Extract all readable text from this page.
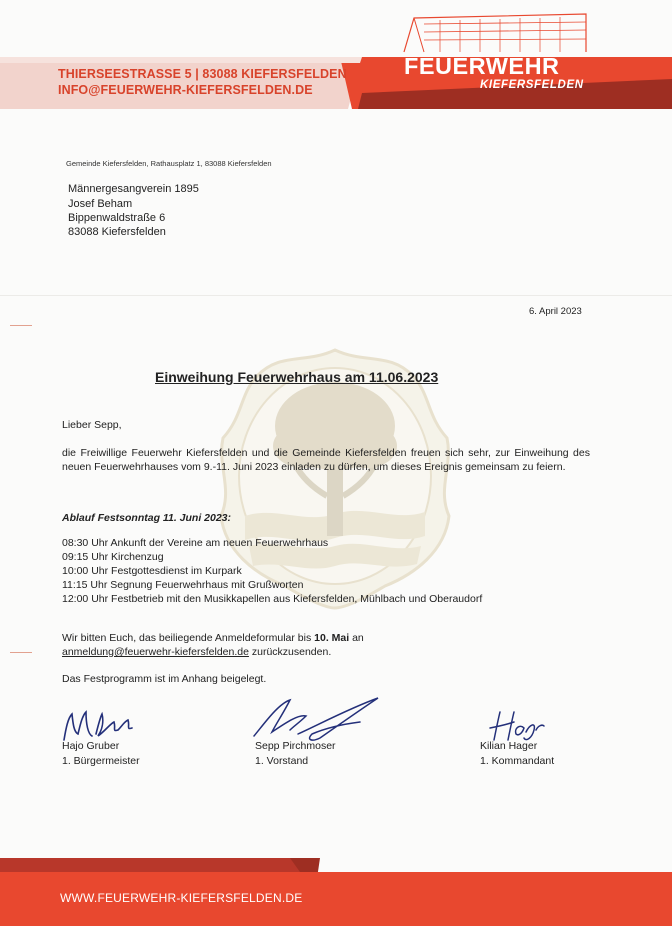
THIERSEESTRASSE 5 | 83088 KIEFERSFELDEN
INFO@FEUERWEHR-KIEFERSFELDEN.DE
FEUERWEHR
KIEFERSFELDEN
Gemeinde Kiefersfelden, Rathausplatz 1, 83088 Kiefersfelden
Männergesangverein 1895
Josef Beham
Bippenwaldstraße 6
83088 Kiefersfelden
6. April 2023
Einweihung Feuerwehrhaus am 11.06.2023
Lieber Sepp,
die Freiwillige Feuerwehr Kiefersfelden und die Gemeinde Kiefersfelden freuen sich sehr, zur Einweihung des neuen Feuerwehrhauses vom 9.-11. Juni 2023 einladen zu dürfen, um dieses Ereignis gemeinsam zu feiern.
Ablauf Festsonntag 11. Juni 2023:
08:30 Uhr Ankunft der Vereine am neuen Feuerwehrhaus
09:15 Uhr Kirchenzug
10:00 Uhr Festgottesdienst im Kurpark
11:15 Uhr Segnung Feuerwehrhaus mit Grußworten
12:00 Uhr Festbetrieb mit den Musikkapellen aus Kiefersfelden, Mühlbach und Oberaudorf
Wir bitten Euch, das beiliegende Anmeldeformular bis 10. Mai an
anmeldung@feuerwehr-kiefersfelden.de zurückzusenden.
Das Festprogramm ist im Anhang beigelegt.
Hajo Gruber
1. Bürgermeister
Sepp Pirchmoser
1. Vorstand
Kilian Hager
1. Kommandant
WWW.FEUERWEHR-KIEFERSFELDEN.DE
